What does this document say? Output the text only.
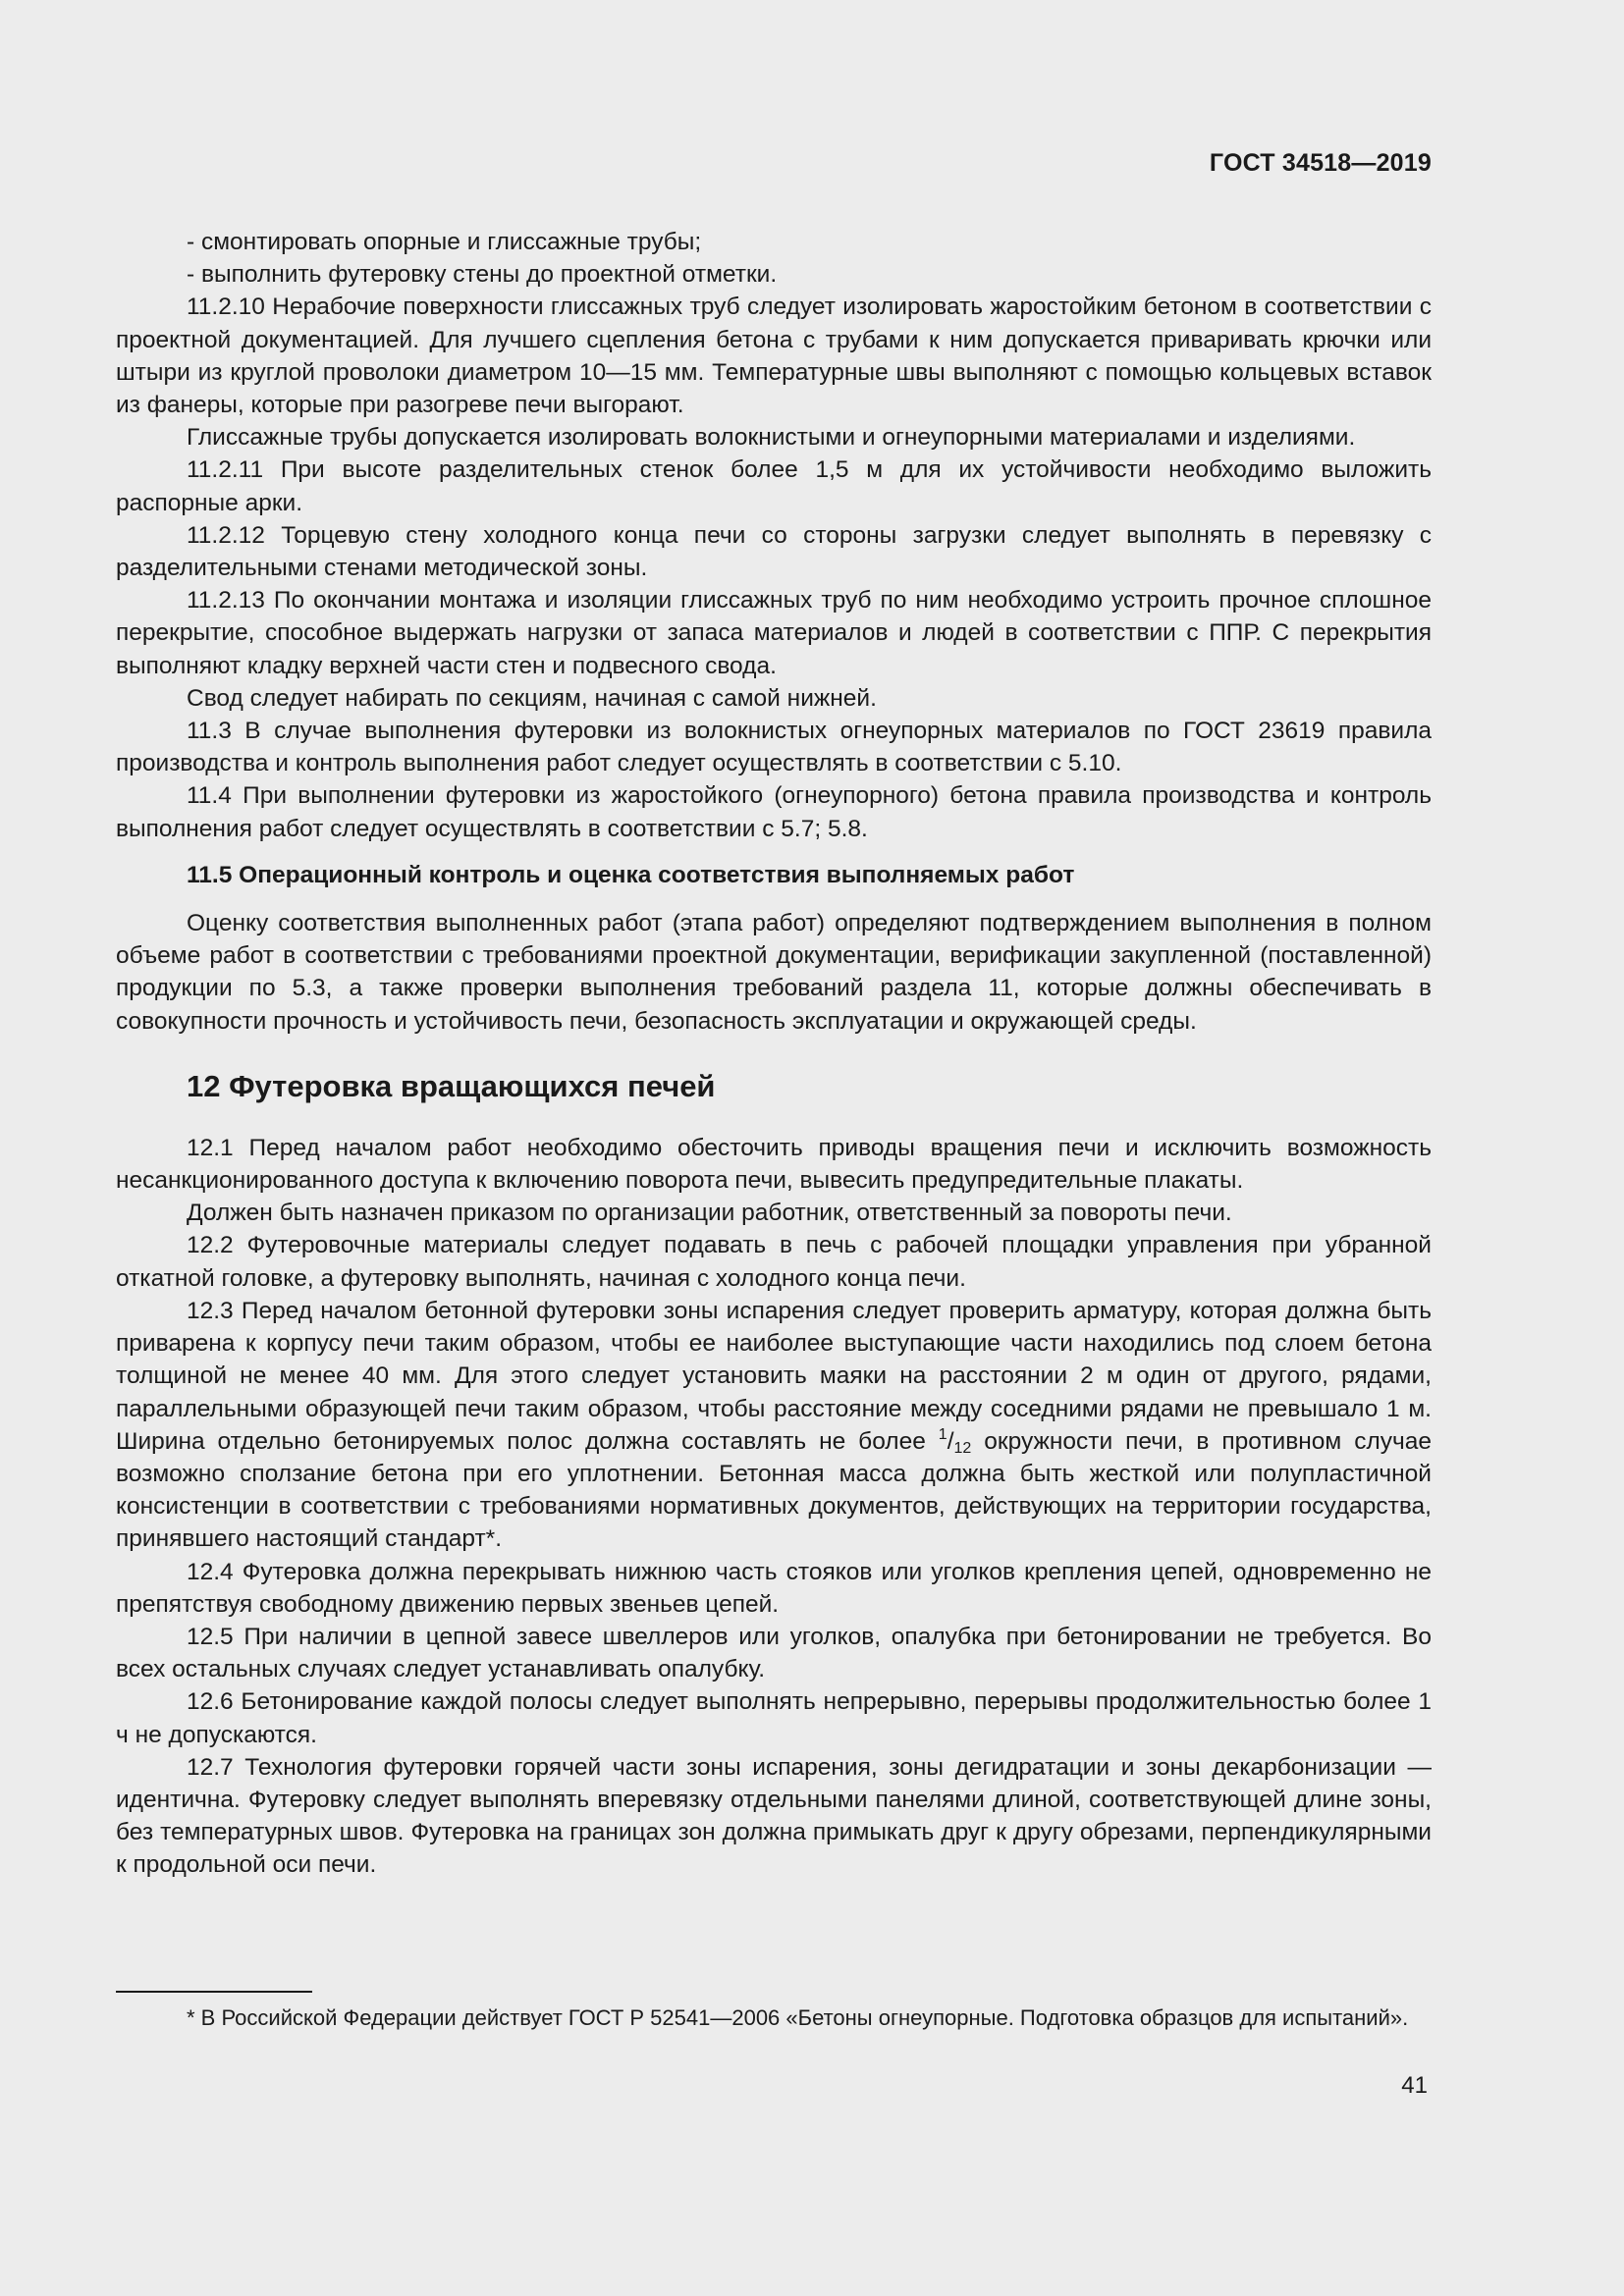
ГОСТ 34518—2019

- смонтировать опорные и глиссажные трубы;

- выполнить футеровку стены до проектной отметки.

11.2.10 Нерабочие поверхности глиссажных труб следует изолировать жаростойким бетоном в соответствии с проектной документацией. Для лучшего сцепления бетона с трубами к ним допускается приваривать крючки или штыри из круглой проволоки диаметром 10—15 мм. Температурные швы выполняют с помощью кольцевых вставок из фанеры, которые при разогреве печи выгорают.

Глиссажные трубы допускается изолировать волокнистыми и огнеупорными материалами и изделиями.

11.2.11 При высоте разделительных стенок более 1,5 м для их устойчивости необходимо выложить распорные арки.

11.2.12 Торцевую стену холодного конца печи со стороны загрузки следует выполнять в перевязку с разделительными стенами методической зоны.

11.2.13 По окончании монтажа и изоляции глиссажных труб по ним необходимо устроить прочное сплошное перекрытие, способное выдержать нагрузки от запаса материалов и людей в соответствии с ППР. С перекрытия выполняют кладку верхней части стен и подвесного свода.

Свод следует набирать по секциям, начиная с самой нижней.

11.3 В случае выполнения футеровки из волокнистых огнеупорных материалов по ГОСТ 23619 правила производства и контроль выполнения работ следует осуществлять в соответствии с 5.10.

11.4 При выполнении футеровки из жаростойкого (огнеупорного) бетона правила производства и контроль выполнения работ следует осуществлять в соответствии с 5.7; 5.8.

11.5 Операционный контроль и оценка соответствия выполняемых работ

Оценку соответствия выполненных работ (этапа работ) определяют подтверждением выполнения в полном объеме работ в соответствии с требованиями проектной документации, верификации закупленной (поставленной) продукции по 5.3, а также проверки выполнения требований раздела 11, которые должны обеспечивать в совокупности прочность и устойчивость печи, безопасность эксплуатации и окружающей среды.

12 Футеровка вращающихся печей

12.1 Перед началом работ необходимо обесточить приводы вращения печи и исключить возможность несанкционированного доступа к включению поворота печи, вывесить предупредительные плакаты.

Должен быть назначен приказом по организации работник, ответственный за повороты печи.

12.2 Футеровочные материалы следует подавать в печь с рабочей площадки управления при убранной откатной головке, а футеровку выполнять, начиная с холодного конца печи.

12.3 Перед началом бетонной футеровки зоны испарения следует проверить арматуру, которая должна быть приварена к корпусу печи таким образом, чтобы ее наиболее выступающие части находились под слоем бетона толщиной не менее 40 мм. Для этого следует установить маяки на расстоянии 2 м один от другого, рядами, параллельными образующей печи таким образом, чтобы расстояние между соседними рядами не превышало 1 м. Ширина отдельно бетонируемых полос должна составлять не более $^1/_{12}$ окружности печи, в противном случае возможно сползание бетона при его уплотнении. Бетонная масса должна быть жесткой или полупластичной консистенции в соответствии с требованиями нормативных документов, действующих на территории государства, принявшего настоящий стандарт*.

12.4 Футеровка должна перекрывать нижнюю часть стояков или уголков крепления цепей, одновременно не препятствуя свободному движению первых звеньев цепей.

12.5 При наличии в цепной завесе швеллеров или уголков, опалубка при бетонировании не требуется. Во всех остальных случаях следует устанавливать опалубку.

12.6 Бетонирование каждой полосы следует выполнять непрерывно, перерывы продолжительностью более 1 ч не допускаются.

12.7 Технология футеровки горячей части зоны испарения, зоны дегидратации и зоны декарбонизации — идентична. Футеровку следует выполнять вперевязку отдельными панелями длиной, соответствующей длине зоны, без температурных швов. Футеровка на границах зон должна примыкать друг к другу обрезами, перпендикулярными к продольной оси печи.

* В Российской Федерации действует ГОСТ Р 52541—2006 «Бетоны огнеупорные. Подготовка образцов для испытаний».

41
